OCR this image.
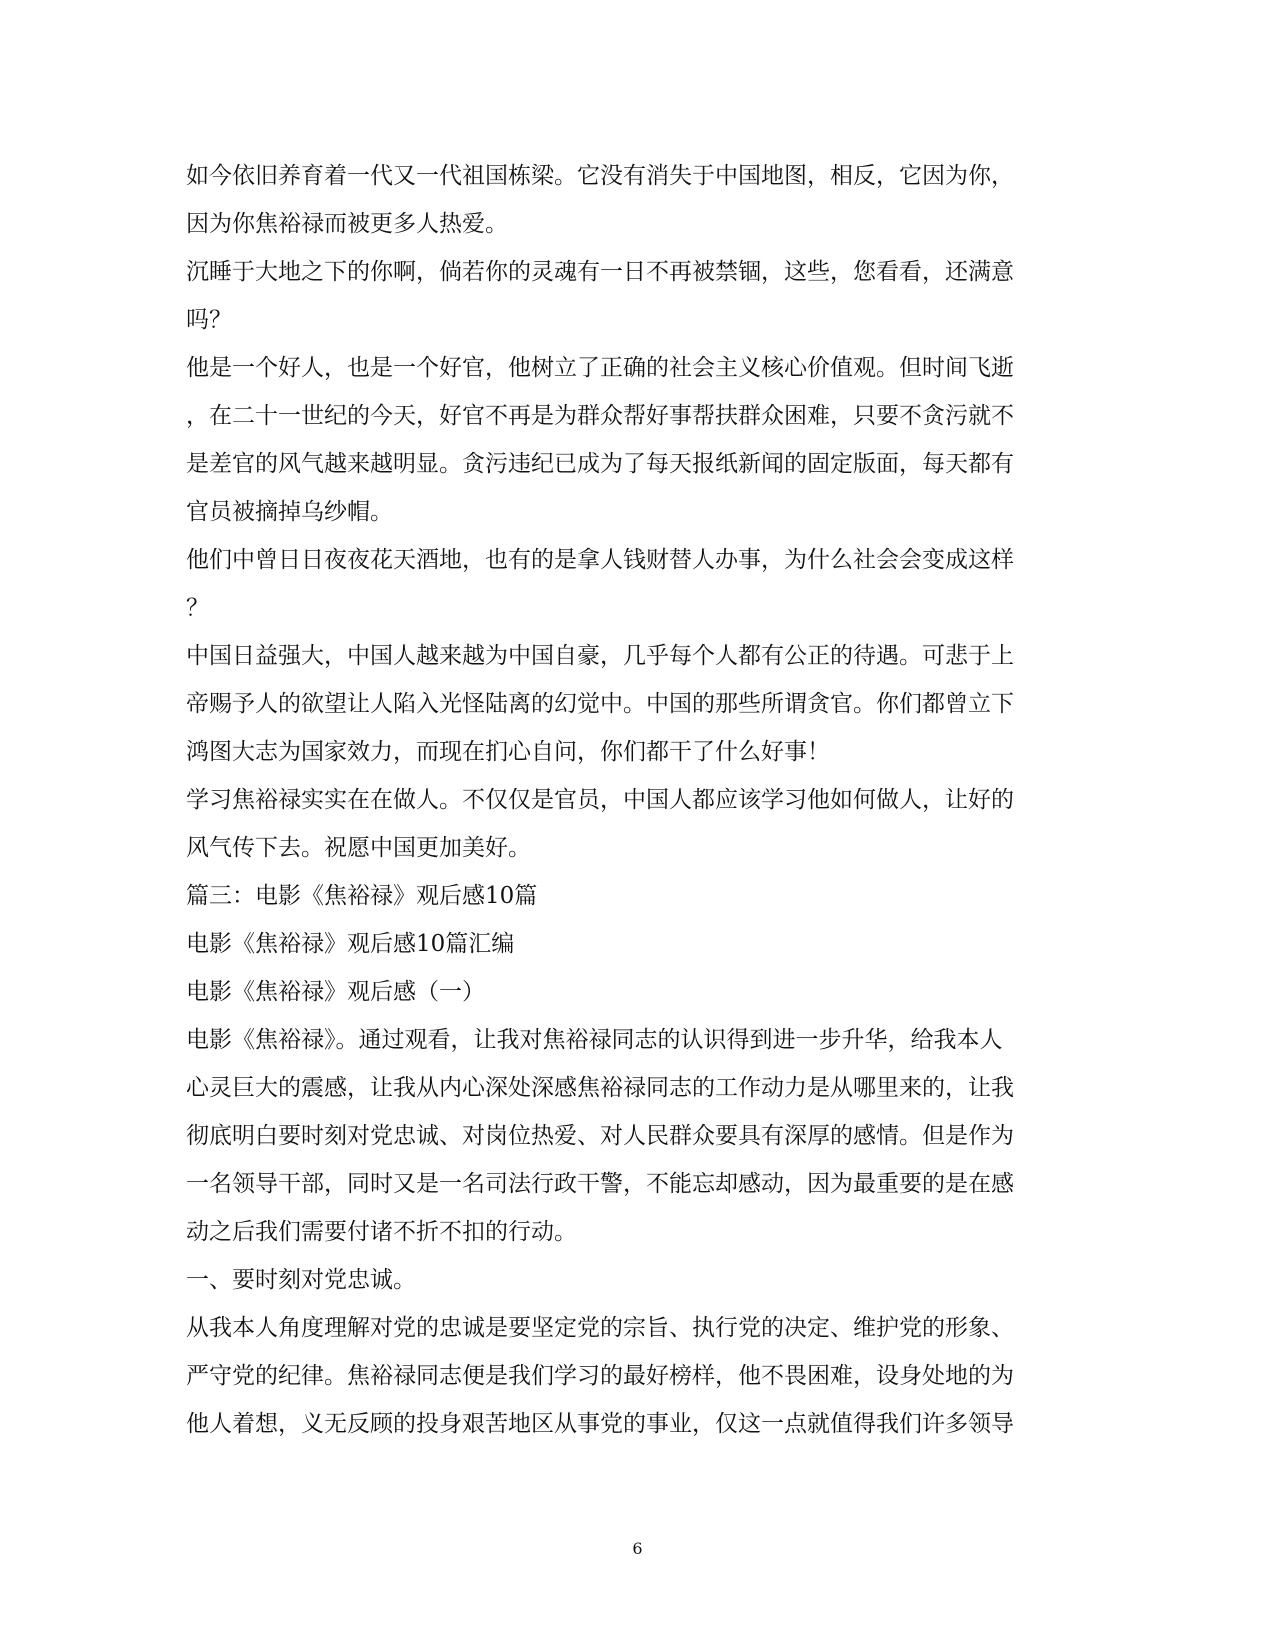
如今依旧养育着一代又一代祖国栋梁。它没有消失于中国地图，相反，它因为你，
因为你焦裕禄而被更多人热爱。
沉睡于大地之下的你啊，倘若你的灵魂有一日不再被禁锢，这些，您看看，还满意
吗？
他是一个好人，也是一个好官，他树立了正确的社会主义核心价值观。但时间飞逝
，在二十一世纪的今天，好官不再是为群众帮好事帮扶群众困难，只要不贪污就不
是差官的风气越来越明显。贪污违纪已成为了每天报纸新闻的固定版面，每天都有
官员被摘掉乌纱帽。
他们中曾日日夜夜花天酒地，也有的是拿人钱财替人办事，为什么社会会变成这样
？
中国日益强大，中国人越来越为中国自豪，几乎每个人都有公正的待遇。可悲于上
帝赐予人的欲望让人陷入光怪陆离的幻觉中。中国的那些所谓贪官。你们都曾立下
鸿图大志为国家效力，而现在扪心自问，你们都干了什么好事！
学习焦裕禄实实在在做人。不仅仅是官员，中国人都应该学习他如何做人，让好的
风气传下去。祝愿中国更加美好。
篇三：电影《焦裕禄》观后感10篇
电影《焦裕禄》观后感10篇汇编
电影《焦裕禄》观后感（一）
电影《焦裕禄》。通过观看，让我对焦裕禄同志的认识得到进一步升华，给我本人
心灵巨大的震感，让我从内心深处深感焦裕禄同志的工作动力是从哪里来的，让我
彻底明白要时刻对党忠诚、对岗位热爱、对人民群众要具有深厚的感情。但是作为
一名领导干部，同时又是一名司法行政干警，不能忘却感动，因为最重要的是在感
动之后我们需要付诸不折不扣的行动。
一、要时刻对党忠诚。
从我本人角度理解对党的忠诚是要坚定党的宗旨、执行党的决定、维护党的形象、
严守党的纪律。焦裕禄同志便是我们学习的最好榜样，他不畏困难，设身处地的为
他人着想，义无反顾的投身艰苦地区从事党的事业，仅这一点就值得我们许多领导
6
